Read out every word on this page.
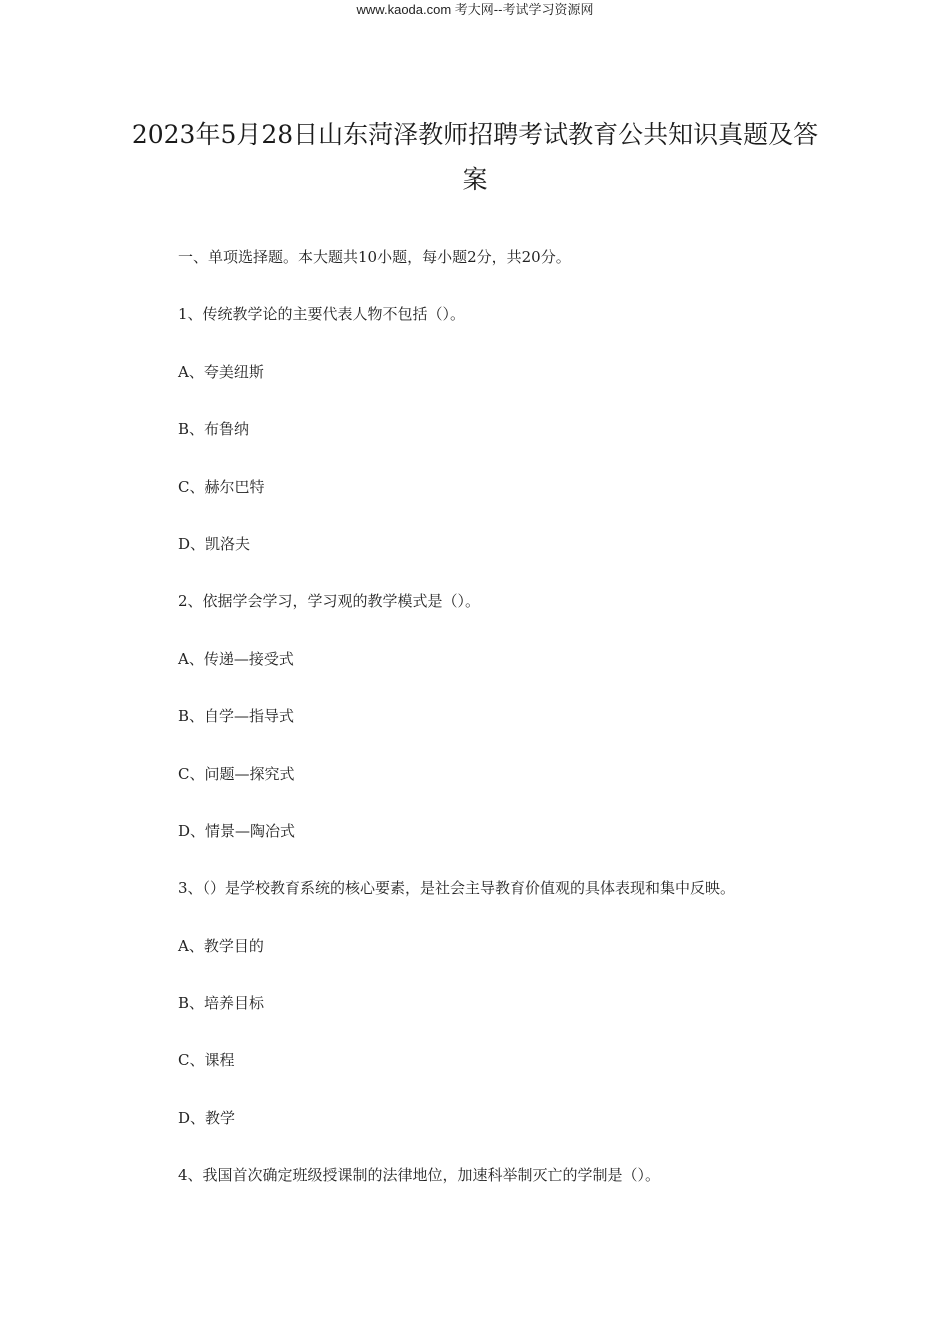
www.kaoda.com 考大网--考试学习资源网
2023年5月28日山东菏泽教师招聘考试教育公共知识真题及答案
一、单项选择题。本大题共10小题，每小题2分，共20分。
1、传统教学论的主要代表人物不包括（）。
A、夸美纽斯
B、布鲁纳
C、赫尔巴特
D、凯洛夫
2、依据学会学习，学习观的教学模式是（）。
A、传递—接受式
B、自学—指导式
C、问题—探究式
D、情景—陶冶式
3、（）是学校教育系统的核心要素，是社会主导教育价值观的具体表现和集中反映。
A、教学目的
B、培养目标
C、课程
D、教学
4、我国首次确定班级授课制的法律地位，加速科举制灭亡的学制是（）。
